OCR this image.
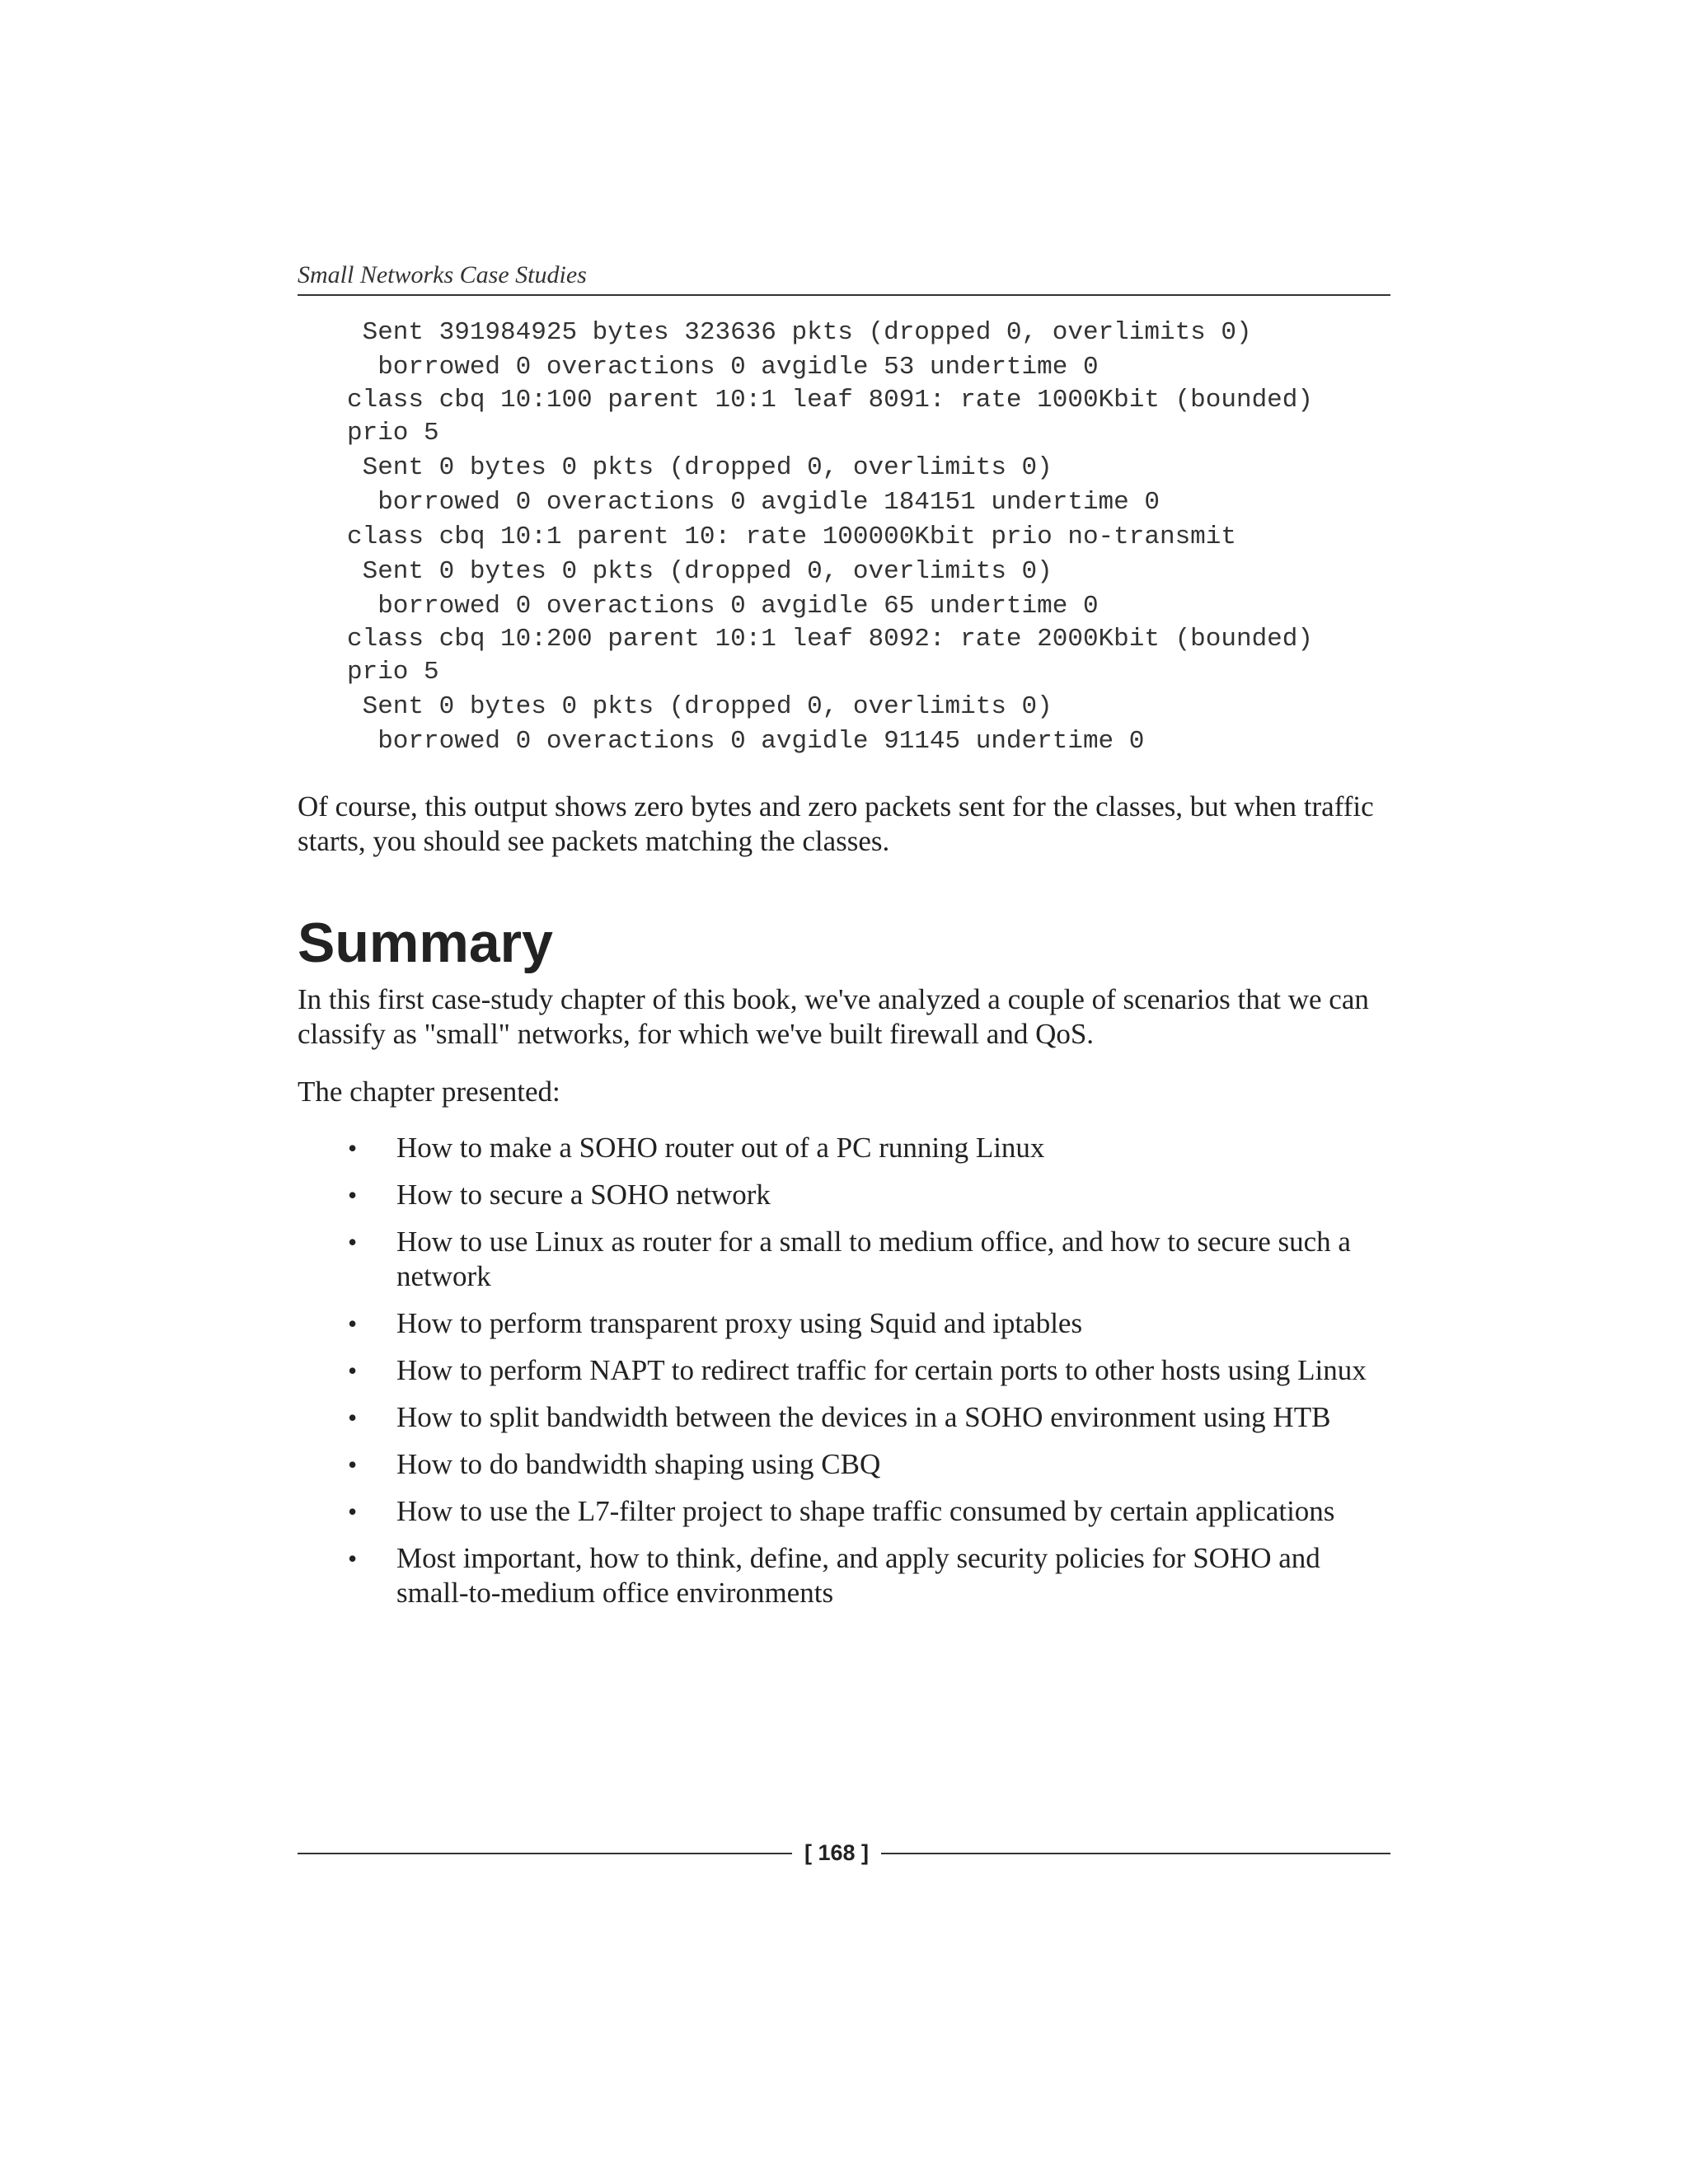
Small Networks Case Studies
Sent 391984925 bytes 323636 pkts (dropped 0, overlimits 0)
borrowed 0 overactions 0 avgidle 53 undertime 0
class cbq 10:100 parent 10:1 leaf 8091: rate 1000Kbit (bounded)
prio 5
Sent 0 bytes 0 pkts (dropped 0, overlimits 0)
borrowed 0 overactions 0 avgidle 184151 undertime 0
class cbq 10:1 parent 10: rate 100000Kbit prio no-transmit
Sent 0 bytes 0 pkts (dropped 0, overlimits 0)
borrowed 0 overactions 0 avgidle 65 undertime 0
class cbq 10:200 parent 10:1 leaf 8092: rate 2000Kbit (bounded)
prio 5
Sent 0 bytes 0 pkts (dropped 0, overlimits 0)
borrowed 0 overactions 0 avgidle 91145 undertime 0

Of course, this output shows zero bytes and zero packets sent for the classes, but when traffic starts, you should see packets matching the classes.

Summary

In this first case-study chapter of this book, we've analyzed a couple of scenarios that we can classify as "small" networks, for which we've built firewall and QoS.

The chapter presented:

• How to make a SOHO router out of a PC running Linux
• How to secure a SOHO network
• How to use Linux as router for a small to medium office, and how to secure such a network
• How to perform transparent proxy using Squid and iptables
• How to perform NAPT to redirect traffic for certain ports to other hosts using Linux
• How to split bandwidth between the devices in a SOHO environment using HTB
• How to do bandwidth shaping using CBQ
• How to use the L7-filter project to shape traffic consumed by certain applications
• Most important, how to think, define, and apply security policies for SOHO and small-to-medium office environments
[ 168 ]
